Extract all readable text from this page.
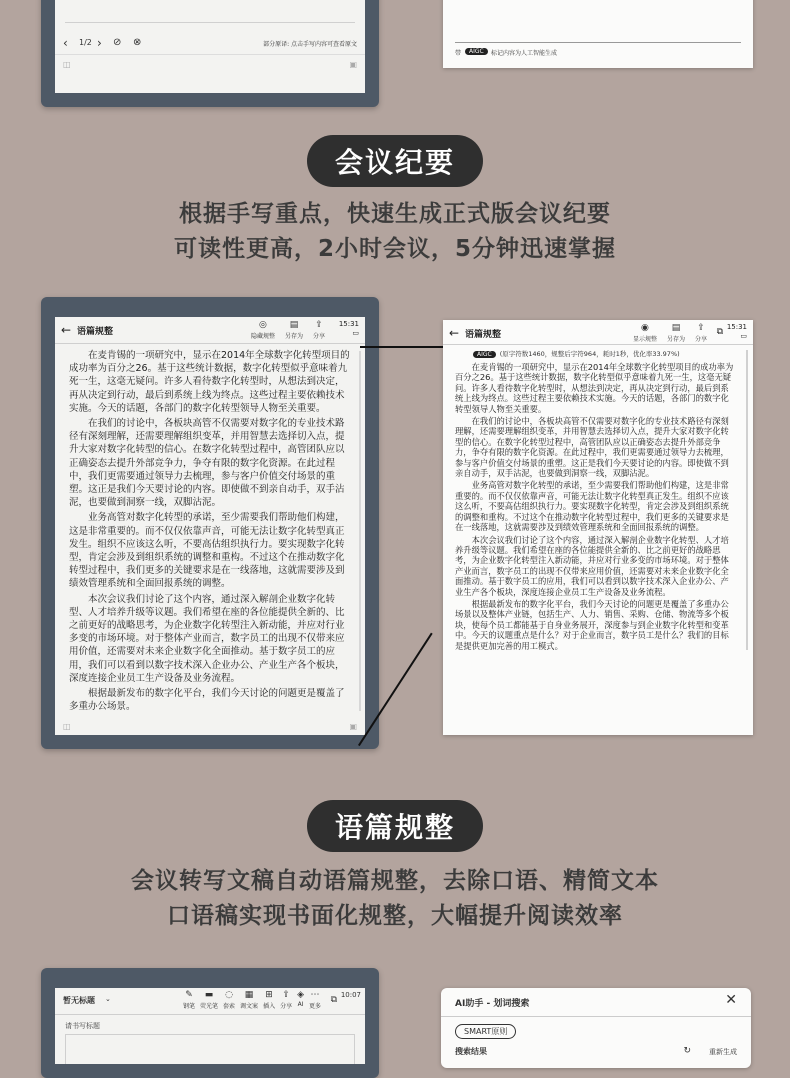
‹ 1/2 › ⊘ ⊗	部分原译: 点击手写内容可查看原文
◫	▣
带	AIGC	标记内容为人工智能生成
会议纪要
根据手写重点，快速生成正式版会议纪要
可读性更高，2小时会议，5分钟迅速掌握
← 语篇规整
◎
隐藏规整
▤
另存为
⇪
分享
15:31
▭

在麦肯锡的一项研究中，显示在2014年全球数字化转型项目的成功率为百分之26。基于这些统计数据，数字化转型似乎意味着九死一生，这毫无疑问。许多人看待数字化转型时，从想法到决定，再从决定到行动，最后到系统上线为终点。这些过程主要依赖技术实施。今天的话题，各部门的数字化转型领导人物至关重要。

在我们的讨论中，各板块高管不仅需要对数字化的专业技术路径有深刻理解，还需要理解组织变革，并用智慧去选择切入点，提升大家对数字化转型的信心。在数字化转型过程中，高管团队应以正确姿态去提升外部竞争力，争夺有限的数字化资源。在此过程中，我们更需要通过领导力去梳理，参与客户价值交付场景的重塑。这正是我们今天要讨论的内容。即使做不到亲自动手，双手沾泥，也要做到洞察一线，双脚沾泥。

业务高管对数字化转型的承诺，至少需要我们帮助他们构建，这是非常重要的。而不仅仅依靠声音，可能无法让数字化转型真正发生。组织不应该这么听，不要高估组织执行力。要实现数字化转型，肯定会涉及到组织系统的调整和重构。不过这个在推动数字化转型过程中，我们更多的关键要求是在一线落地，这就需要涉及到绩效管理系统和全面回报系统的调整。

本次会议我们讨论了这个内容，通过深入解剖企业数字化转型、人才培养升级等议题。我们希望在座的各位能提供全新的、比之前更好的战略思考，为企业数字化转型注入新动能，并应对行业多变的市场环境。对于整体产业而言，数字员工的出现不仅带来应用价值，还需要对未来企业数字化全面推动。基于数字员工的应用，我们可以看到以数字技术深入企业办公、产业生产各个板块，深度连接企业员工生产设备及业务流程。

根据最新发布的数字化平台，我们今天讨论的问题更是覆盖了多重办公场景。

◫	▣
← 语篇规整
◉
显示规整
▤
另存为
⇪
分享
⧉ 15:31
▭
AIGC (原字符数1460，规整后字符964，耗时1秒，优化率33.97%)

在麦肯锡的一项研究中，显示在2014年全球数字化转型项目的成功率为百分之26。基于这些统计数据，数字化转型似乎意味着九死一生，这毫无疑问。许多人看待数字化转型时，从想法到决定，再从决定到行动，最后到系统上线为终点。这些过程主要依赖技术实施。今天的话题，各部门的数字化转型领导人物至关重要。

在我们的讨论中，各板块高管不仅需要对数字化的专业技术路径有深刻理解，还需要理解组织变革，并用智慧去选择切入点，提升大家对数字化转型的信心。在数字化转型过程中，高管团队应以正确姿态去提升外部竞争力，争夺有限的数字化资源。在此过程中，我们更需要通过领导力去梳理，参与客户价值交付场景的重塑。这正是我们今天要讨论的内容。即使做不到亲自动手，双手沾泥，也要做到洞察一线，双脚沾泥。

业务高管对数字化转型的承诺，至少需要我们帮助他们构建，这是非常重要的。而不仅仅依靠声音，可能无法让数字化转型真正发生。组织不应该这么听，不要高估组织执行力。要实现数字化转型，肯定会涉及到组织系统的调整和重构。不过这个在推动数字化转型过程中，我们更多的关键要求是在一线落地，这就需要涉及到绩效管理系统和全面回报系统的调整。

本次会议我们讨论了这个内容，通过深入解剖企业数字化转型、人才培养升级等议题。我们希望在座的各位能提供全新的、比之前更好的战略思考，为企业数字化转型注入新动能，并应对行业多变的市场环境。对于整体产业而言，数字员工的出现不仅带来应用价值，还需要对未来企业数字化全面推动。基于数字员工的应用，我们可以看到以数字技术深入企业办公、产业生产各个板块，深度连接企业员工生产设备及业务流程。

根据最新发布的数字化平台，我们今天讨论的问题更是覆盖了多重办公场景以及整体产业链，包括生产、人力、销售、采购、仓储、物流等多个板块，使每个员工都能基于自身业务展开，深度参与到企业数字化转型和变革中。今天的议题重点是什么？对于企业而言，数字员工是什么？我们的目标是提供更加完善的用工模式。

语篇规整
会议转写文稿自动语篇规整，去除口语、精简文本
口语稿实现书面化规整，大幅提升阅读效率
暂无标题 ⌄	✎
钢笔
▬
荧光笔
◌
套索
▦
调文案
⊞
插入
⇪
分享
◈
AI
⋯
更多
⧉ 10:07
请书写标题
AI助手 - 划词搜索	✕
SMART原则
搜索结果	↻	重新生成
